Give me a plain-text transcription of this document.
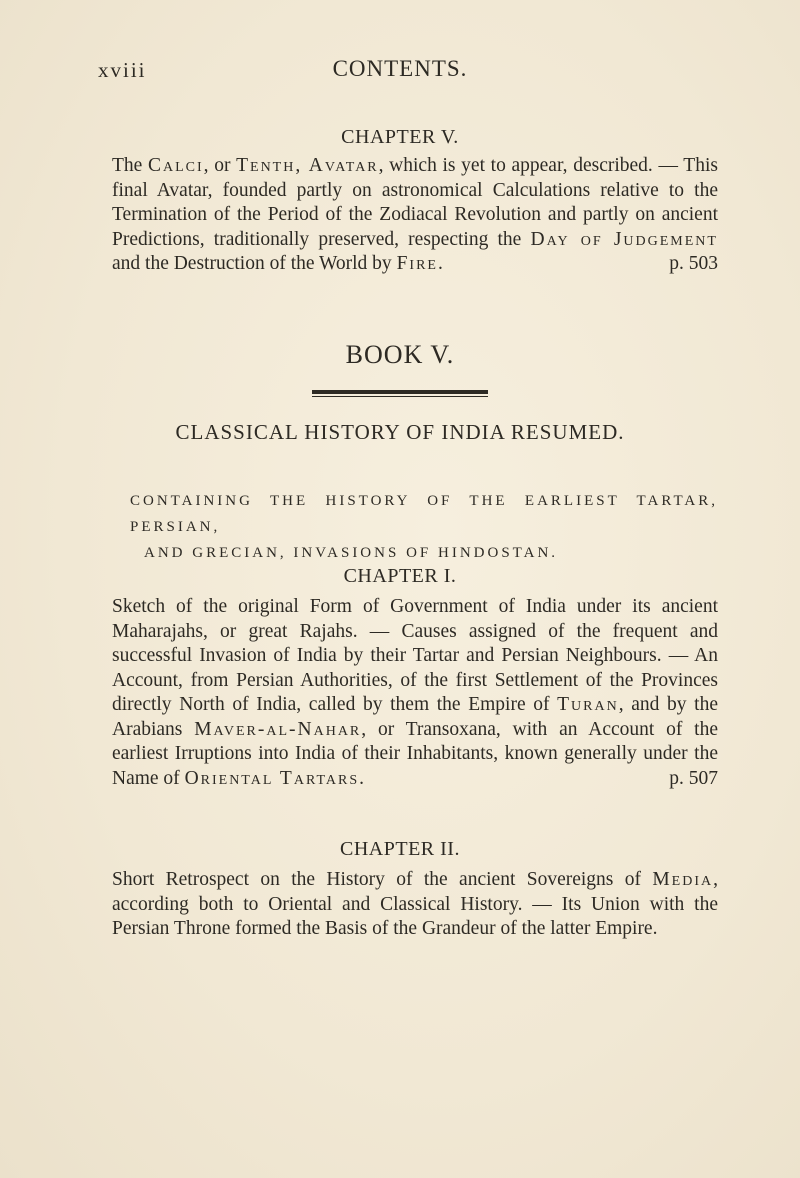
xviii	CONTENTS.
CHAPTER V.

The Calci, or Tenth, Avatar, which is yet to appear, described. — This final Avatar, founded partly on astronomical Calculations relative to the Termination of the Period of the Zodiacal Revolution and partly on ancient Predictions, traditionally preserved, respecting the Day of Judgement and the Destruction of the World by Fire.	p. 503

BOOK V.
CLASSICAL HISTORY OF INDIA RESUMED.
CONTAINING THE HISTORY OF THE EARLIEST TARTAR, PERSIAN,
AND GRECIAN, INVASIONS OF HINDOSTAN.
CHAPTER I.

Sketch of the original Form of Government of India under its ancient Maharajahs, or great Rajahs. — Causes assigned of the frequent and successful Invasion of India by their Tartar and Persian Neighbours. — An Account, from Persian Authorities, of the first Settlement of the Provinces directly North of India, called by them the Empire of Turan, and by the Arabians Maver-al-Nahar, or Transoxana, with an Account of the earliest Irruptions into India of their Inhabitants, known generally under the Name of Oriental Tartars.	p. 507

CHAPTER II.

Short Retrospect on the History of the ancient Sovereigns of Media, according both to Oriental and Classical History. — Its Union with the Persian Throne formed the Basis of the Grandeur of the latter Empire.
